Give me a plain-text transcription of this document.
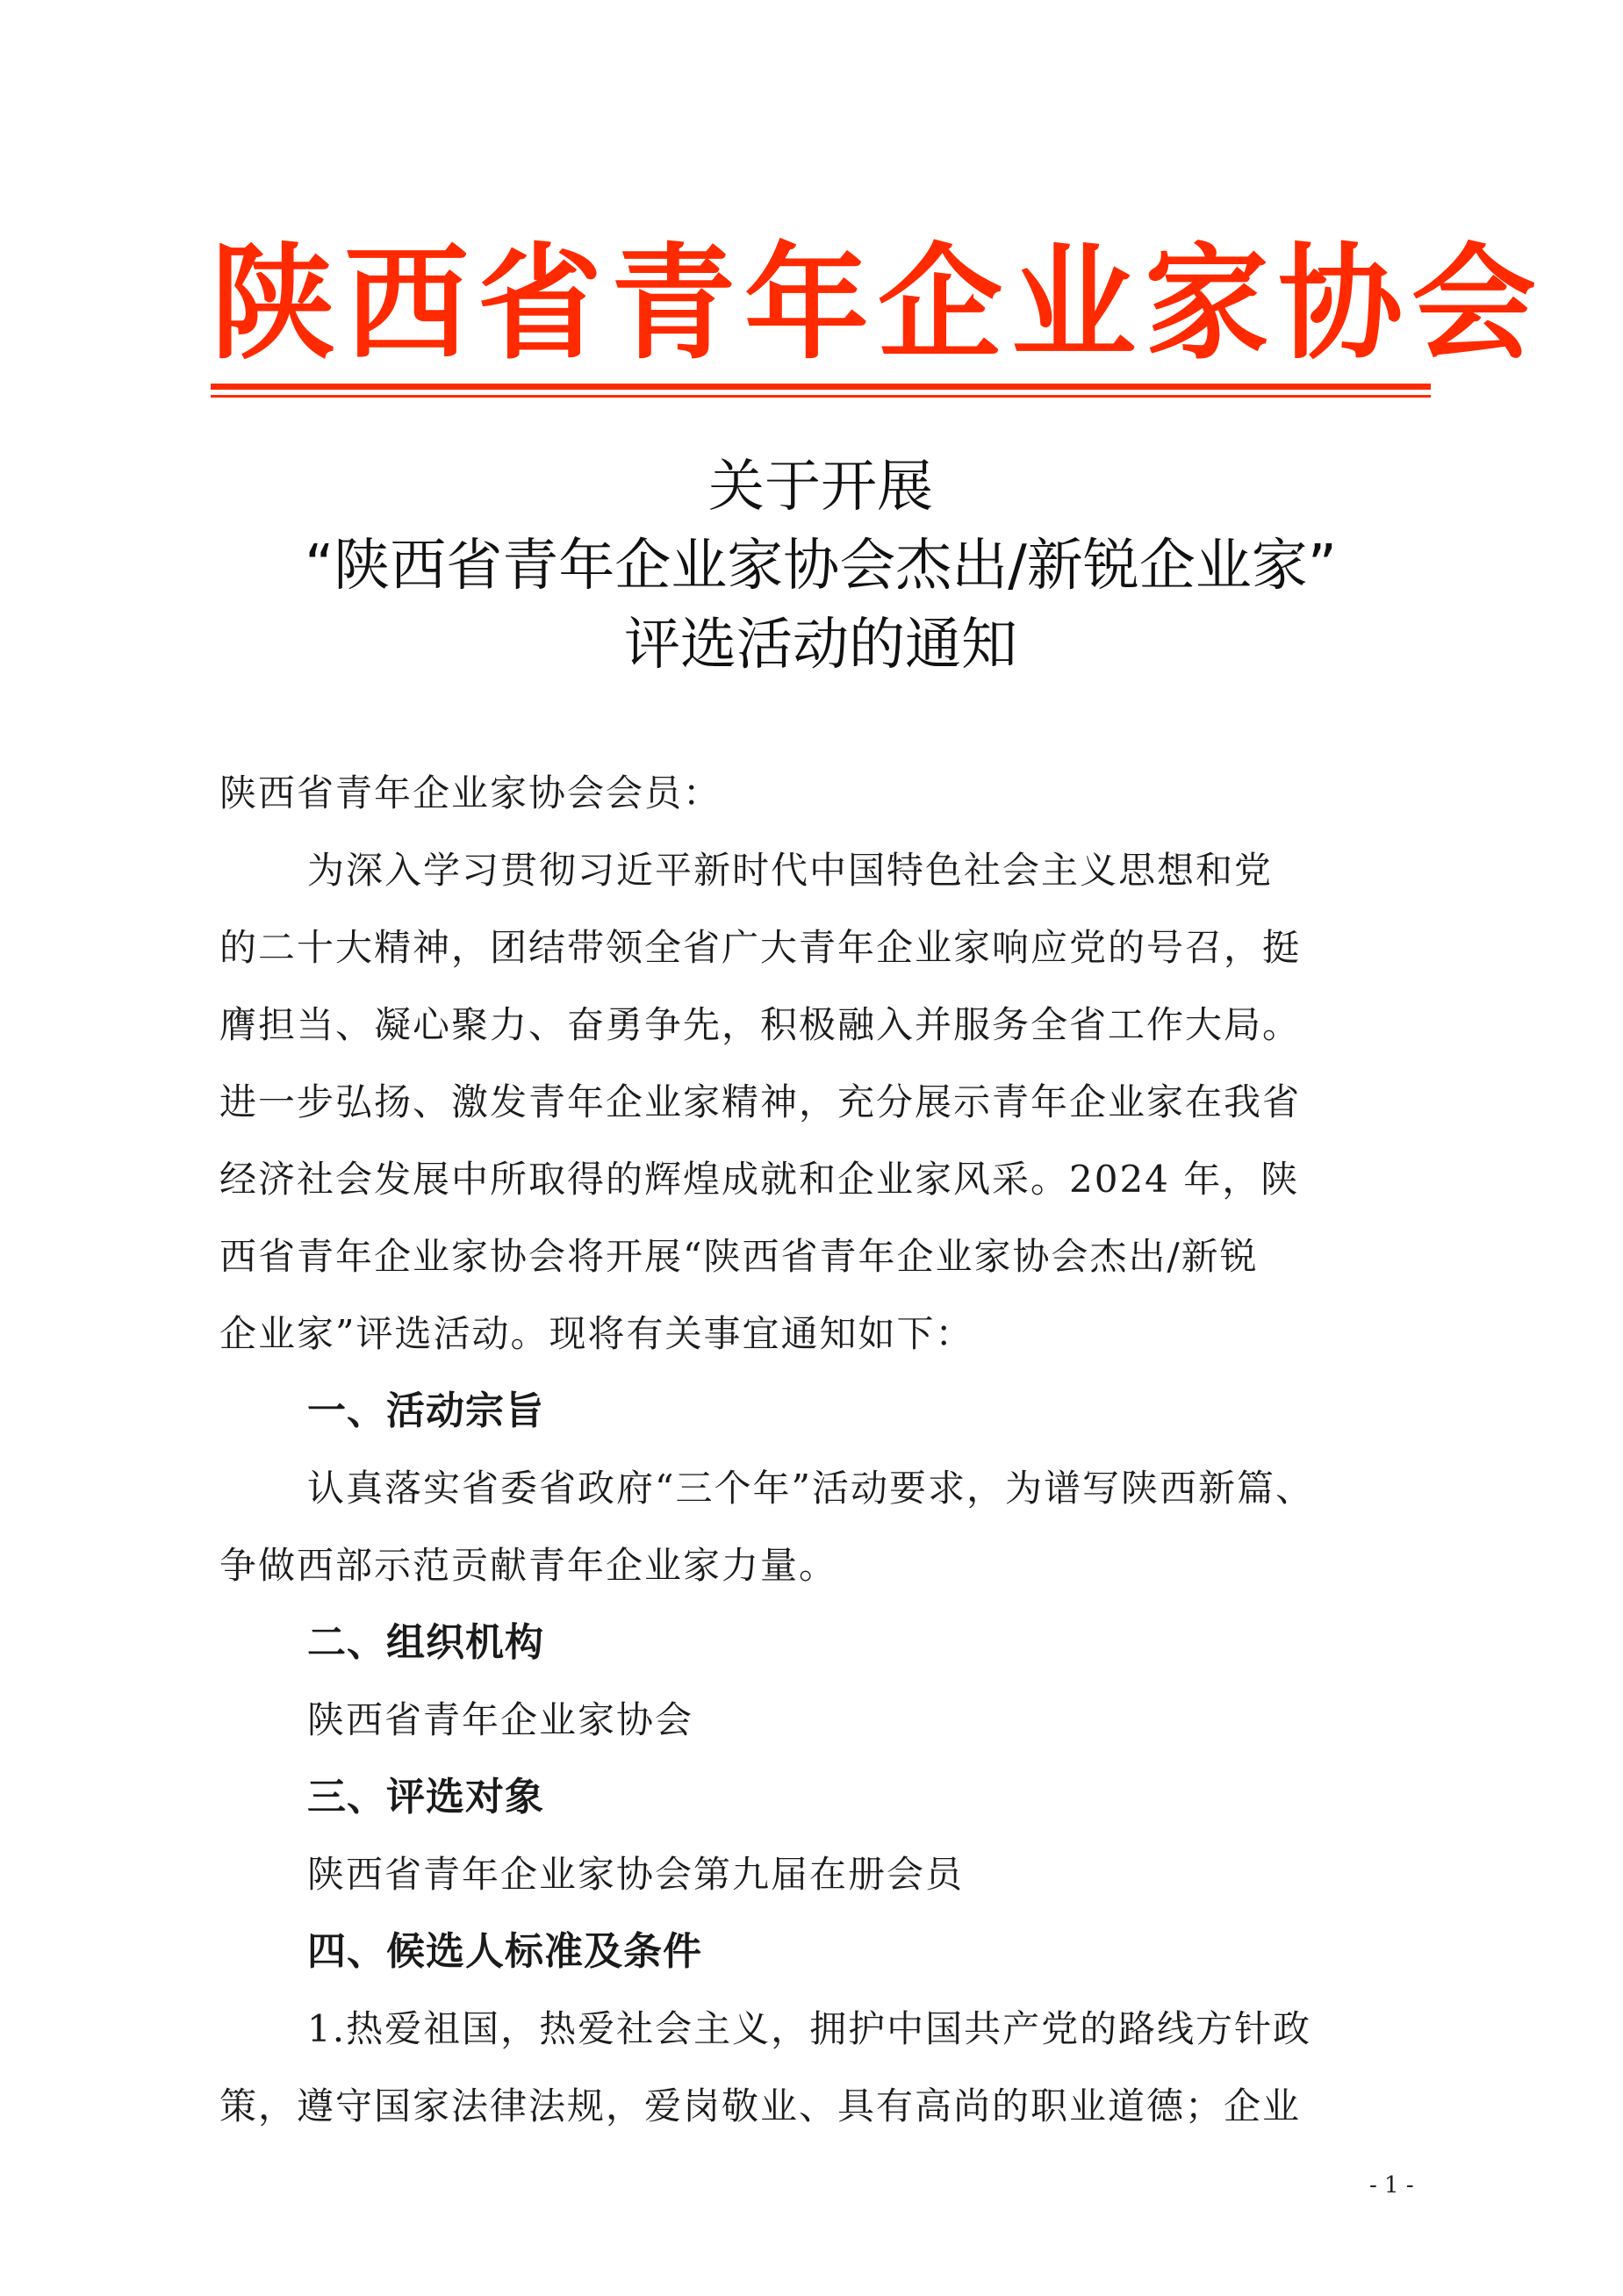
陕西省青年企业家协会
关于开展
“陕西省青年企业家协会杰出/新锐企业家”
评选活动的通知
陕西省青年企业家协会会员：
为深入学习贯彻习近平新时代中国特色社会主义思想和党
的二十大精神，团结带领全省广大青年企业家响应党的号召，挺
膺担当、凝心聚力、奋勇争先，积极融入并服务全省工作大局。
进一步弘扬、激发青年企业家精神，充分展示青年企业家在我省
经济社会发展中所取得的辉煌成就和企业家风采。2024 年，陕
西省青年企业家协会将开展“陕西省青年企业家协会杰出/新锐
企业家”评选活动。现将有关事宜通知如下：
一、活动宗旨
认真落实省委省政府“三个年”活动要求，为谱写陕西新篇、
争做西部示范贡献青年企业家力量。
二、组织机构
陕西省青年企业家协会
三、评选对象
陕西省青年企业家协会第九届在册会员
四、候选人标准及条件
1.热爱祖国，热爱社会主义，拥护中国共产党的路线方针政
策，遵守国家法律法规，爱岗敬业、具有高尚的职业道德；企业
- 1 -
